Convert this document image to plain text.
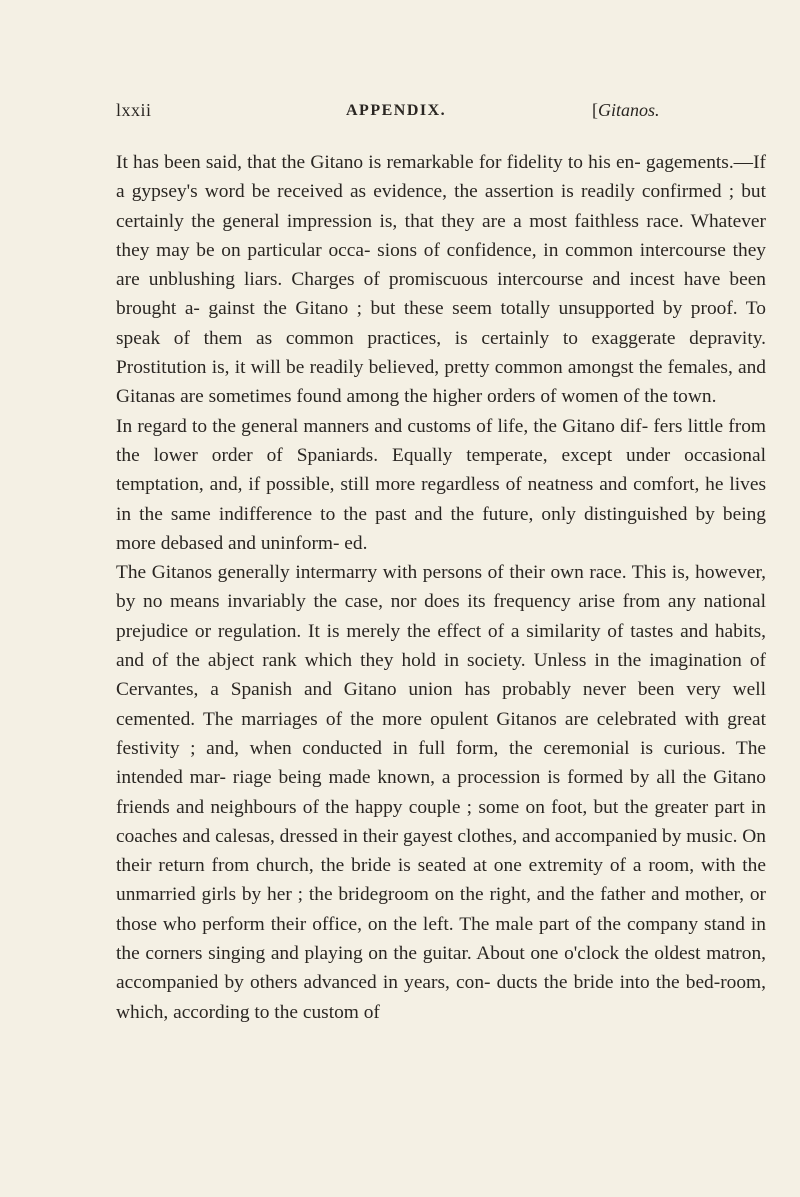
lxxii	APPENDIX.	[Gitanos.

It has been said, that the Gitano is remarkable for fidelity to his en- gagements.—If a gypsey's word be received as evidence, the assertion is readily confirmed ; but certainly the general impression is, that they are a most faithless race. Whatever they may be on particular occa- sions of confidence, in common intercourse they are unblushing liars. Charges of promiscuous intercourse and incest have been brought a- gainst the Gitano ; but these seem totally unsupported by proof. To speak of them as common practices, is certainly to exaggerate depravity. Prostitution is, it will be readily believed, pretty common amongst the females, and Gitanas are sometimes found among the higher orders of women of the town.

In regard to the general manners and customs of life, the Gitano dif- fers little from the lower order of Spaniards. Equally temperate, except under occasional temptation, and, if possible, still more regardless of neatness and comfort, he lives in the same indifference to the past and the future, only distinguished by being more debased and uninform- ed.

The Gitanos generally intermarry with persons of their own race. This is, however, by no means invariably the case, nor does its frequency arise from any national prejudice or regulation. It is merely the effect of a similarity of tastes and habits, and of the abject rank which they hold in society. Unless in the imagination of Cervantes, a Spanish and Gitano union has probably never been very well cemented. The marriages of the more opulent Gitanos are celebrated with great festivity ; and, when conducted in full form, the ceremonial is curious. The intended mar- riage being made known, a procession is formed by all the Gitano friends and neighbours of the happy couple ; some on foot, but the greater part in coaches and calesas, dressed in their gayest clothes, and accompanied by music. On their return from church, the bride is seated at one extremity of a room, with the unmarried girls by her ; the bridegroom on the right, and the father and mother, or those who perform their office, on the left. The male part of the company stand in the corners singing and playing on the guitar. About one o'clock the oldest matron, accompanied by others advanced in years, con- ducts the bride into the bed-room, which, according to the custom of
